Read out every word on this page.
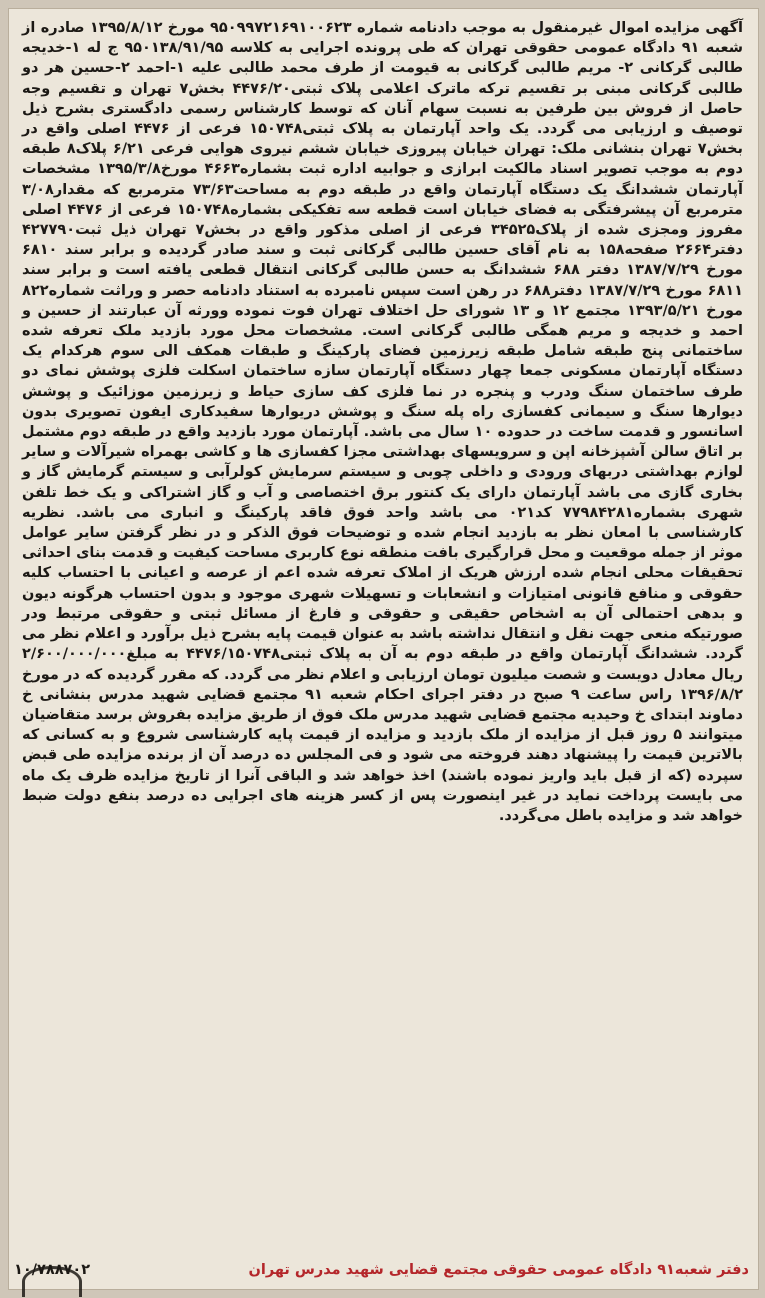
آگهی مزایده اموال غیرمنقول به موجب دادنامه شماره ۹۵۰۹۹۷۲۱۶۹۱۰۰۶۲۳ مورخ ۱۳۹۵/۸/۱۲ صادره از شعبه ۹۱ دادگاه عمومی حقوقی تهران که طی پرونده اجرایی به کلاسه ۹۵۰۱۳۸/۹۱/۹۵ ج له ۱-خدیجه طالبی گرکانی ۲- مریم طالبی گرکانی به قیومت از طرف محمد طالبی علیه ۱-احمد ۲-حسین هر دو طالبی گرکانی مبنی بر تقسیم ترکه ماترک اعلامی پلاک ثبتی۴۴۷۶/۲۰ بخش۷ تهران و تقسیم وجه حاصل از فروش بین طرفین به نسبت سهام آنان که توسط کارشناس رسمی دادگستری بشرح ذیل توصیف و ارزیابی می گردد. یک واحد آپارتمان به پلاک ثبتی۱۵۰۷۴۸ فرعی از ۴۴۷۶ اصلی واقع در بخش۷ تهران بنشانی ملک: تهران خیابان پیروزی خیابان ششم نیروی هوایی فرعی ۶/۲۱ پلاک۸ طبقه دوم به موجب تصویر اسناد مالکیت ابرازی و جوابیه اداره ثبت بشماره۴۶۶۳ مورخ۱۳۹۵/۳/۸ مشخصات آپارتمان ششدانگ یک دستگاه آپارتمان واقع در طبقه دوم به مساحت۷۳/۶۳ مترمربع که مقدار۳/۰۸ مترمربع آن پیشرفتگی به فضای خیابان است قطعه سه تفکیکی بشماره۱۵۰۷۴۸ فرعی از ۴۴۷۶ اصلی مفروز ومجزی شده از پلاک۳۴۵۲۵ فرعی از اصلی مذکور واقع در بخش۷ تهران ذیل ثبت۴۲۷۷۹۰ دفتر۲۶۶۴ صفحه۱۵۸ به نام آقای حسین طالبی گرکانی ثبت و سند صادر گردیده و برابر سند ۶۸۱۰ مورخ ۱۳۸۷/۷/۲۹ دفتر ۶۸۸ ششدانگ به حسن طالبی گرکانی انتقال قطعی یافته است و برابر سند ۶۸۱۱ مورخ ۱۳۸۷/۷/۲۹ دفتر۶۸۸ در رهن است سپس نامبرده به استناد دادنامه حصر و وراثت شماره۸۲۲ مورخ ۱۳۹۳/۵/۲۱ مجتمع ۱۲ و ۱۳ شورای حل اختلاف تهران فوت نموده وورثه آن عبارتند از حسین و احمد و خدیجه و مریم همگی طالبی گرکانی است. مشخصات محل مورد بازدید ملک تعرفه شده ساختمانی پنج طبقه شامل طبقه زیرزمین فضای پارکینگ و طبقات همکف الی سوم هرکدام یک دستگاه آپارتمان مسکونی جمعا چهار دستگاه آپارتمان سازه ساختمان اسکلت فلزی پوشش نمای دو طرف ساختمان سنگ ودرب و پنجره در نما فلزی کف سازی حیاط و زیرزمین موزائیک و پوشش دیوارها سنگ و سیمانی کفسازی راه پله سنگ و پوشش دریوارها سفیدکاری ایفون تصویری بدون اسانسور و قدمت ساخت در حدوده ۱۰ سال می باشد. آپارتمان مورد بازدید واقع در طبقه دوم مشتمل بر اتاق سالن آشپزخانه اپن و سرویسهای بهداشتی مجزا کفسازی ها و کاشی بهمراه شیرآلات و سایر لوازم بهداشتی دربهای ورودی و داخلی چوبی و سیستم سرمایش کولرآبی و سیستم گرمایش گاز و بخاری گازی می باشد آپارتمان دارای یک کنتور برق اختصاصی و آب و گاز اشتراکی و یک خط تلفن شهری بشماره۷۷۹۸۴۲۸۱ کد۰۲۱ می باشد واحد فوق فاقد پارکینگ و انباری می باشد. نظریه کارشناسی با امعان نظر به بازدید انجام شده و توضیحات فوق الذکر و در نظر گرفتن سایر عوامل موثر از جمله موقعیت و محل قرارگیری بافت منطقه نوع کاربری مساحت کیفیت و قدمت بنای احداثی تحقیقات محلی انجام شده ارزش هریک از املاک تعرفه شده اعم از عرصه و اعیانی با احتساب کلیه حقوقی و منافع قانونی امتیازات و انشعابات و تسهیلات شهری موجود و بدون احتساب هرگونه دیون و بدهی احتمالی آن به اشخاص حقیقی و حقوقی و فارغ از مسائل ثبتی و حقوقی مرتبط ودر صورتیکه منعی جهت نقل و انتقال نداشته باشد به عنوان قیمت پایه بشرح ذیل برآورد و اعلام نظر می گردد. ششدانگ آپارتمان واقع در طبقه دوم به آن به پلاک ثبتی۴۴۷۶/۱۵۰۷۴۸ به مبلغ۲/۶۰۰/۰۰۰/۰۰۰ ریال معادل دویست و شصت میلیون تومان ارزیابی و اعلام نظر می گردد. که مقرر گردیده که در مورخ ۱۳۹۶/۸/۲ راس ساعت ۹ صبح در دفتر اجرای احکام شعبه ۹۱ مجتمع قضایی شهید مدرس بنشانی خ دماوند ابتدای خ وحیدیه مجتمع قضایی شهید مدرس ملک فوق از طریق مزایده بفروش برسد متقاضیان میتوانند ۵ روز قبل از مزایده از ملک بازدید و مزایده از قیمت پایه کارشناسی شروع و به کسانی که بالاترین قیمت را پیشنهاد دهند فروخته می شود و فی المجلس ده درصد آن از برنده مزایده طی قبض سپرده (که از قبل باید واریز نموده باشند) اخذ خواهد شد و الباقی آنرا از تاریخ مزایده ظرف یک ماه می بایست پرداخت نماید در غیر اینصورت پس از کسر هزینه های اجرایی ده درصد بنفع دولت ضبط خواهد شد و مزایده باطل می‌گردد.
دفتر شعبه۹۱ دادگاه عمومی حقوقی مجتمع قضایی شهید مدرس تهران
۱۰/۷۸۸۷۰۲
